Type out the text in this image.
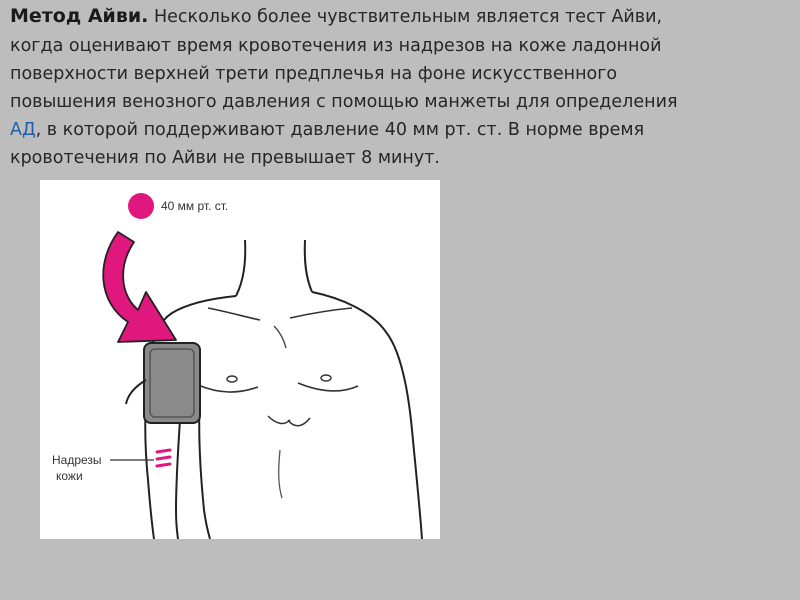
Метод Айви. Несколько более чувствительным является тест Айви,

когда оценивают время кровотечения из надрезов на коже ладонной

поверхности верхней трети предплечья на фоне искусственного

повышения венозного давления с помощью манжеты для определения

АД, в которой поддерживают давление 40 мм рт. ст. В норме время

кровотечения по Айви не превышает 8 минут.

40 мм рт. ст.
Надрезы
кожи
